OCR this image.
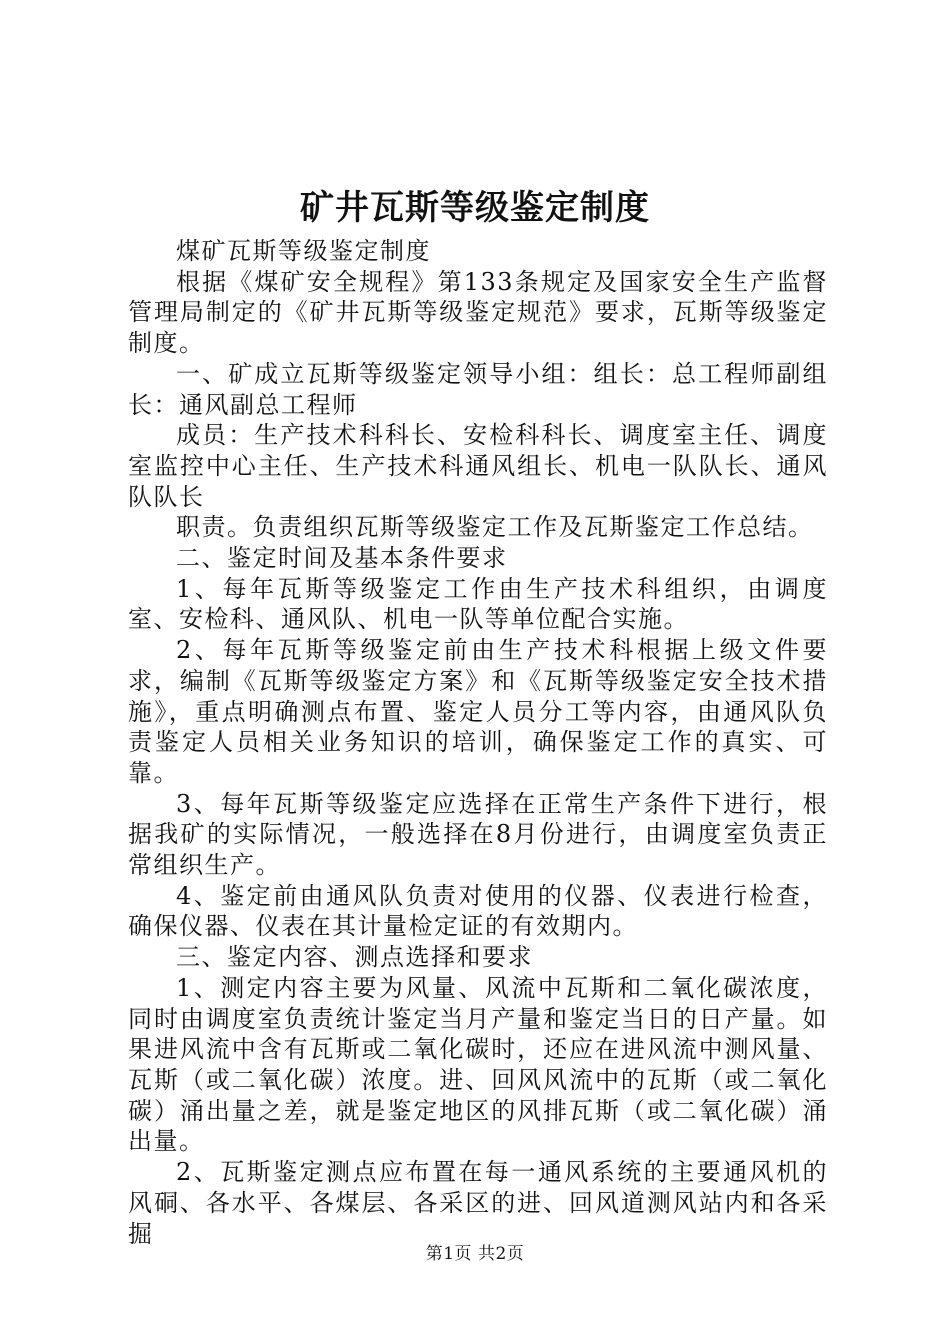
矿井瓦斯等级鉴定制度

煤矿瓦斯等级鉴定制度

根据《煤矿安全规程》第133条规定及国家安全生产监督管理局制定的《矿井瓦斯等级鉴定规范》要求，瓦斯等级鉴定制度。

一、矿成立瓦斯等级鉴定领导小组：组长：总工程师副组长：通风副总工程师

成员：生产技术科科长、安检科科长、调度室主任、调度室监控中心主任、生产技术科通风组长、机电一队队长、通风队队长

职责。负责组织瓦斯等级鉴定工作及瓦斯鉴定工作总结。

二、鉴定时间及基本条件要求

1、每年瓦斯等级鉴定工作由生产技术科组织，由调度室、安检科、通风队、机电一队等单位配合实施。

2、每年瓦斯等级鉴定前由生产技术科根据上级文件要求，编制《瓦斯等级鉴定方案》和《瓦斯等级鉴定安全技术措施》，重点明确测点布置、鉴定人员分工等内容，由通风队负责鉴定人员相关业务知识的培训，确保鉴定工作的真实、可靠。

3、每年瓦斯等级鉴定应选择在正常生产条件下进行，根据我矿的实际情况，一般选择在8月份进行，由调度室负责正常组织生产。

4、鉴定前由通风队负责对使用的仪器、仪表进行检查，确保仪器、仪表在其计量检定证的有效期内。

三、鉴定内容、测点选择和要求

1、测定内容主要为风量、风流中瓦斯和二氧化碳浓度，同时由调度室负责统计鉴定当月产量和鉴定当日的日产量。如果进风流中含有瓦斯或二氧化碳时，还应在进风流中测风量、瓦斯（或二氧化碳）浓度。进、回风风流中的瓦斯（或二氧化碳）涌出量之差，就是鉴定地区的风排瓦斯（或二氧化碳）涌出量。

2、瓦斯鉴定测点应布置在每一通风系统的主要通风机的风硐、各水平、各煤层、各采区的进、回风道测风站内和各采掘

第1页 共2页
